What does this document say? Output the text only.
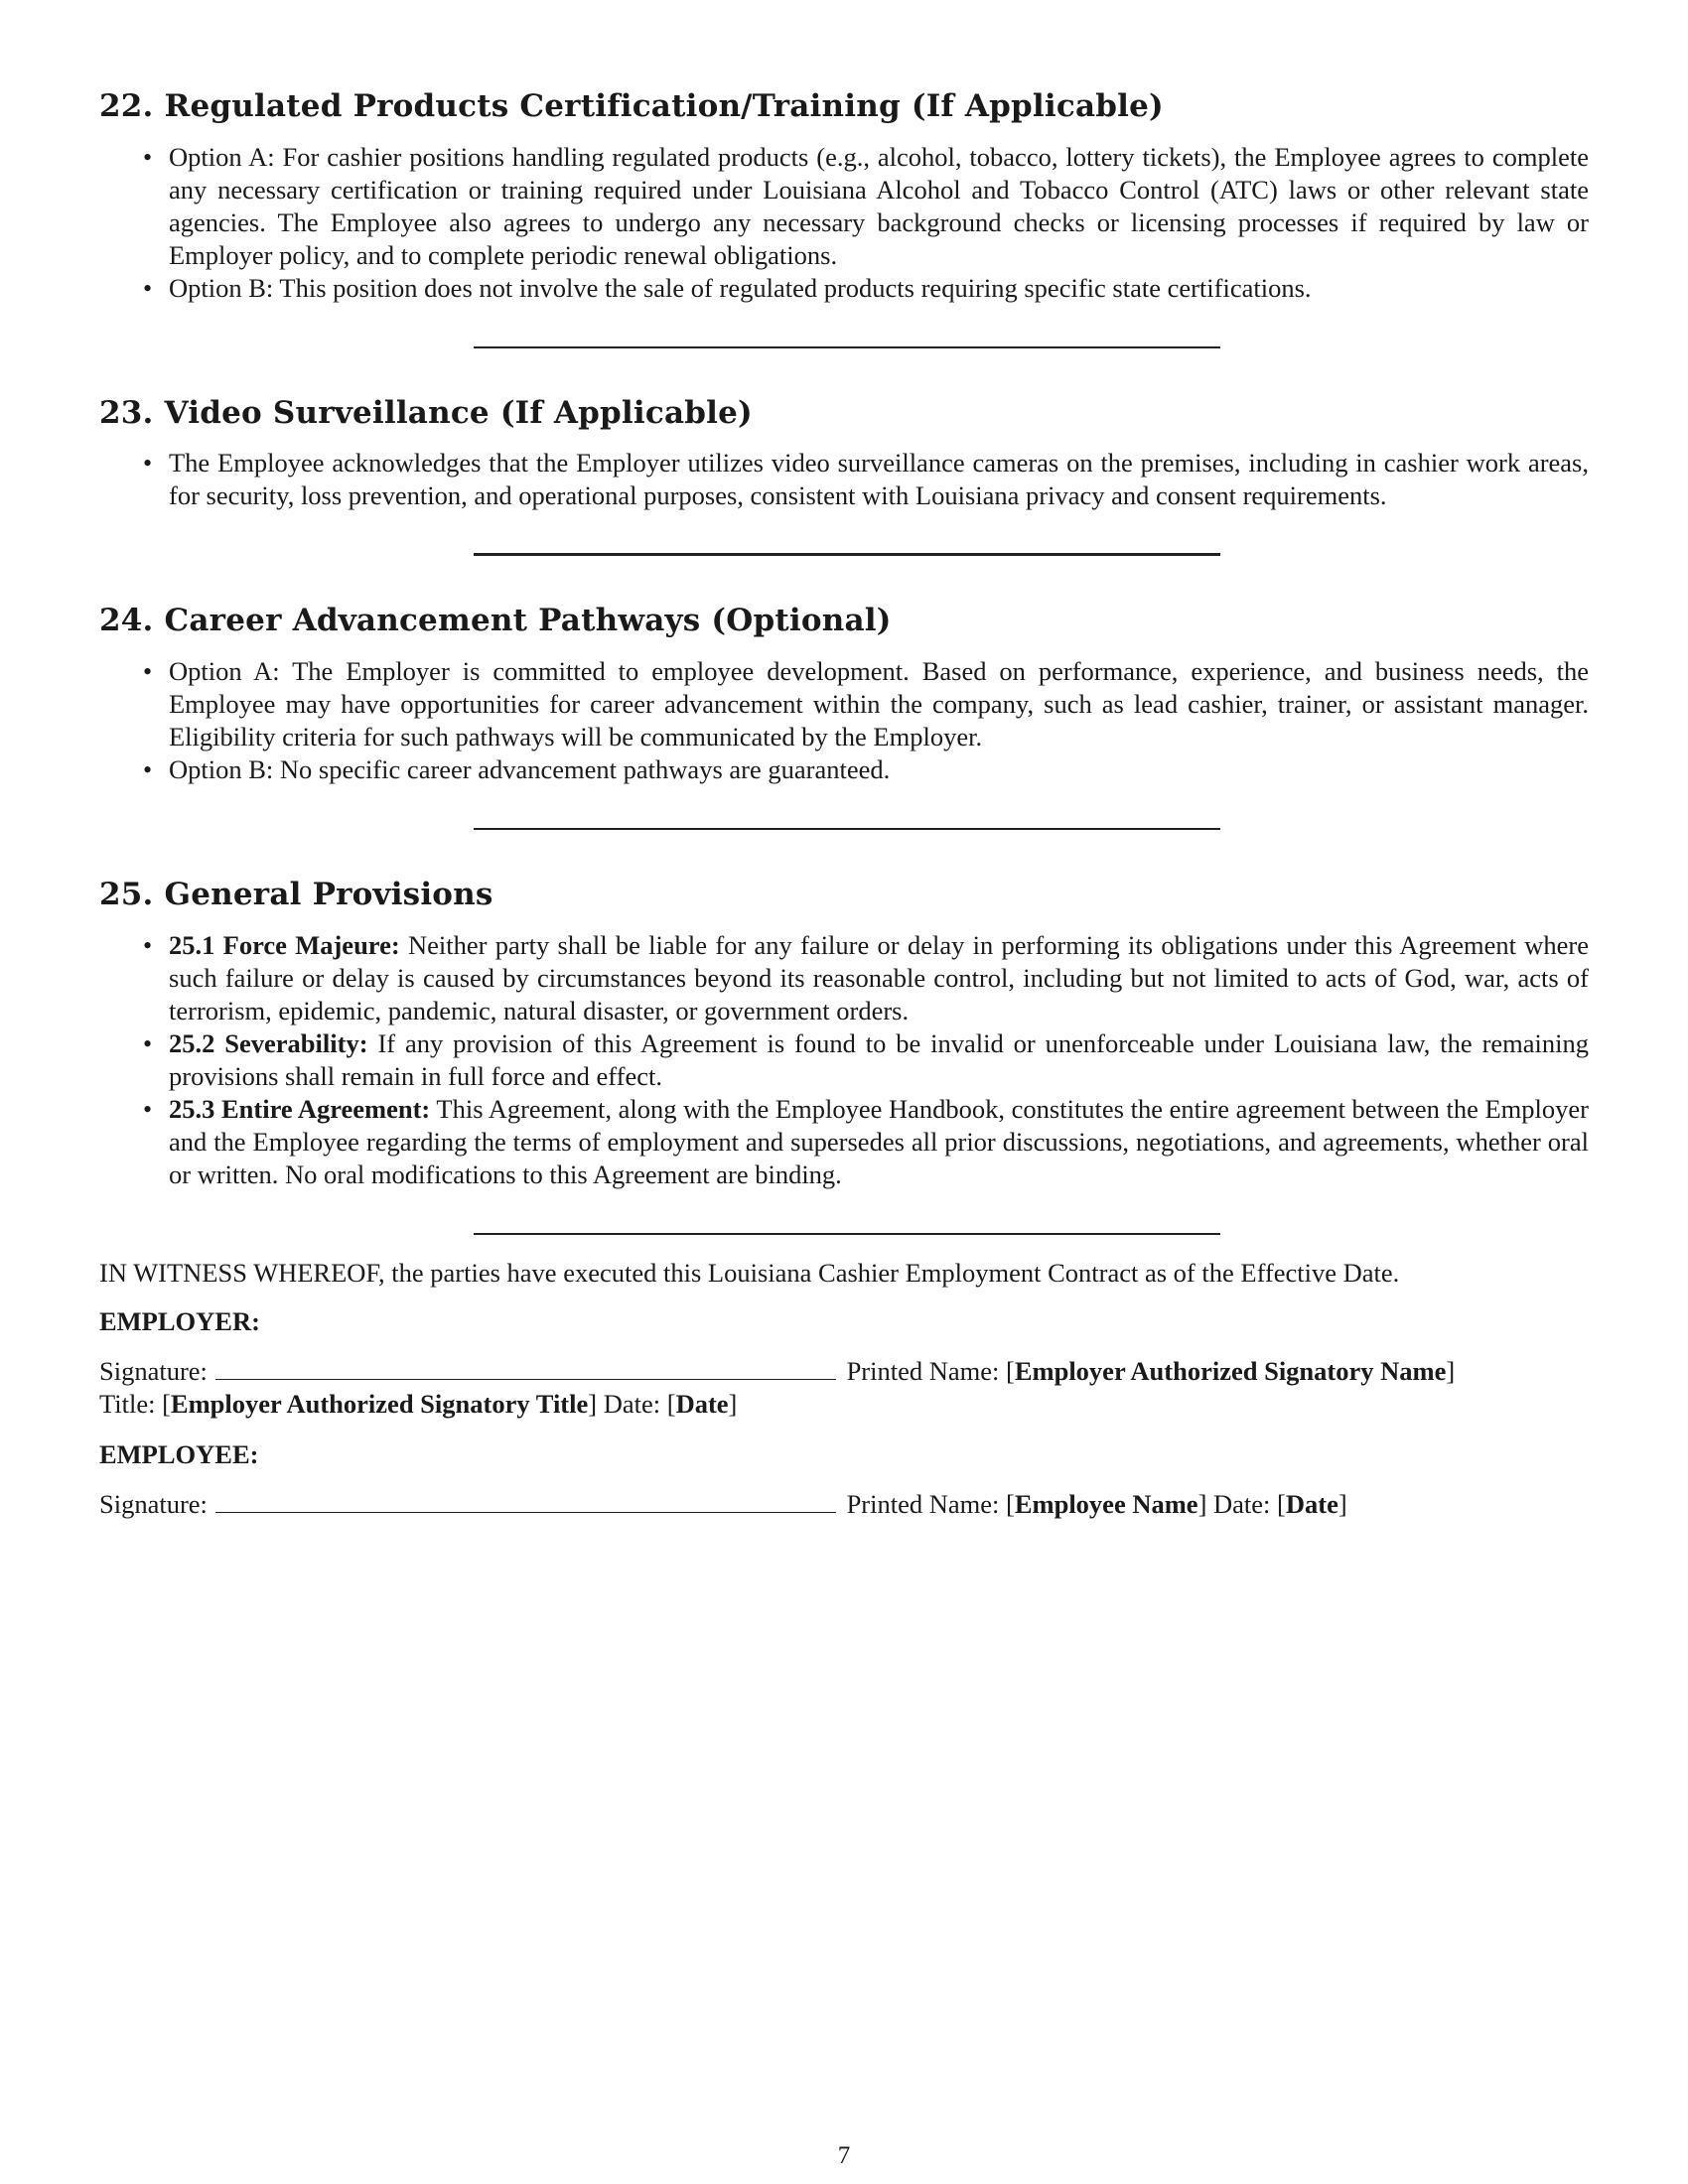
22. Regulated Products Certification/Training (If Applicable)
• Option A: For cashier positions handling regulated products (e.g., alcohol, tobacco, lottery tickets), the Employee agrees to complete any necessary certification or training required under Louisiana Alcohol and Tobacco Control (ATC) laws or other relevant state agencies. The Employee also agrees to undergo any necessary background checks or licensing processes if required by law or Employer policy, and to complete periodic renewal obligations.
• Option B: This position does not involve the sale of regulated products requiring specific state certifications.
23. Video Surveillance (If Applicable)
• The Employee acknowledges that the Employer utilizes video surveillance cameras on the premises, including in cashier work areas, for security, loss prevention, and operational purposes, consistent with Louisiana privacy and consent requirements.
24. Career Advancement Pathways (Optional)
• Option A: The Employer is committed to employee development. Based on performance, experience, and business needs, the Employee may have opportunities for career advancement within the company, such as lead cashier, trainer, or assistant manager. Eligibility criteria for such pathways will be communicated by the Employer.
• Option B: No specific career advancement pathways are guaranteed.
25. General Provisions
• 25.1 Force Majeure: Neither party shall be liable for any failure or delay in performing its obligations under this Agreement where such failure or delay is caused by circumstances beyond its reasonable control, including but not limited to acts of God, war, acts of terrorism, epidemic, pandemic, natural disaster, or government orders.
• 25.2 Severability: If any provision of this Agreement is found to be invalid or unenforceable under Louisiana law, the remaining provisions shall remain in full force and effect.
• 25.3 Entire Agreement: This Agreement, along with the Employee Handbook, constitutes the entire agreement between the Employer and the Employee regarding the terms of employment and supersedes all prior discussions, negotiations, and agreements, whether oral or written. No oral modifications to this Agreement are binding.

IN WITNESS WHEREOF, the parties have executed this Louisiana Cashier Employment Contract as of the Effective Date.

EMPLOYER:
Signature:	Printed Name: [Employer Authorized Signatory Name]
Title: [Employer Authorized Signatory Title] Date: [Date]
EMPLOYEE:
Signature:	Printed Name: [Employee Name] Date: [Date]
7
